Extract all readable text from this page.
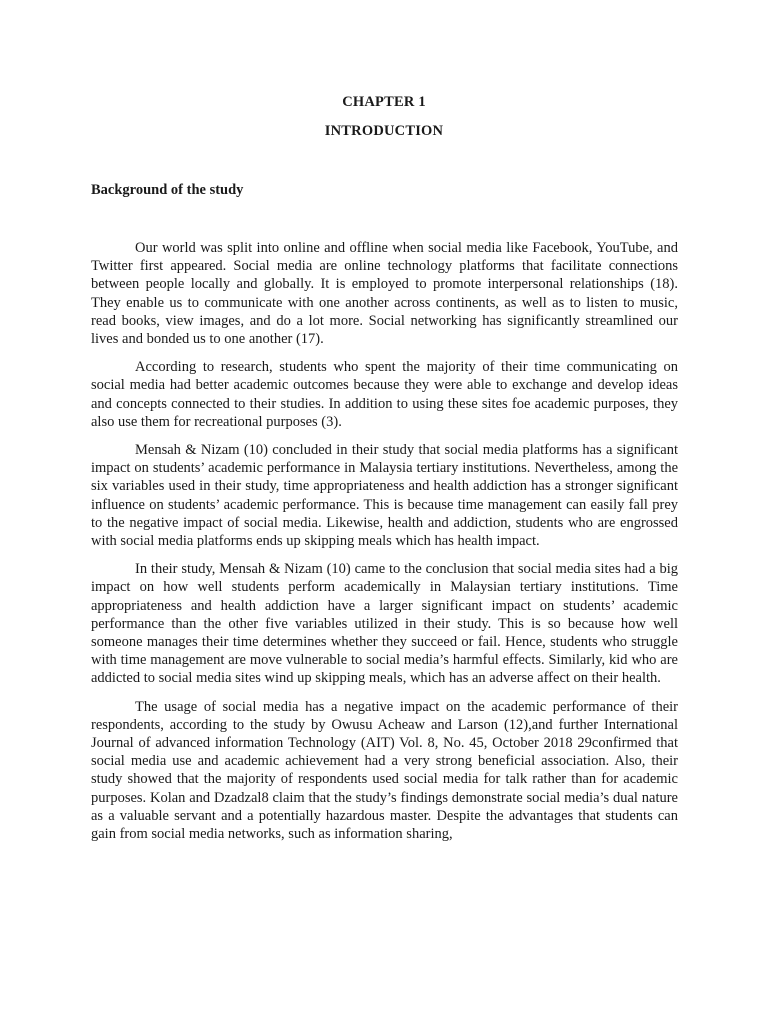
CHAPTER 1
INTRODUCTION
Background of the study

Our world was split into online and offline when social media like Facebook, YouTube, and Twitter first appeared. Social media are online technology platforms that facilitate connections between people locally and globally. It is employed to promote interpersonal relationships (18). They enable us to communicate with one another across continents, as well as to listen to music, read books, view images, and do a lot more. Social networking has significantly streamlined our lives and bonded us to one another (17).

According to research, students who spent the majority of their time communicating on social media had better academic outcomes because they were able to exchange and develop ideas and concepts connected to their studies. In addition to using these sites foe academic purposes, they also use them for recreational purposes (3).

Mensah & Nizam (10) concluded in their study that social media platforms has a significant impact on students’ academic performance in Malaysia tertiary institutions. Nevertheless, among the six variables used in their study, time appropriateness and health addiction has a stronger significant influence on students’ academic performance. This is because time management can easily fall prey to the negative impact of social media. Likewise, health and addiction, students who are engrossed with social media platforms ends up skipping meals which has health impact.

In their study, Mensah & Nizam (10) came to the conclusion that social media sites had a big impact on how well students perform academically in Malaysian tertiary institutions. Time appropriateness and health addiction have a larger significant impact on students’ academic performance than the other five variables utilized in their study. This is so because how well someone manages their time determines whether they succeed or fail. Hence, students who struggle with time management are move vulnerable to social media’s harmful effects. Similarly, kid who are addicted to social media sites wind up skipping meals, which has an adverse affect on their health.

The usage of social media has a negative impact on the academic performance of their respondents, according to the study by Owusu Acheaw and Larson (12),and further International Journal of advanced information Technology (AIT) Vol. 8, No. 45, October 2018 29confirmed that social media use and academic achievement had a very strong beneficial association. Also, their study showed that the majority of respondents used social media for talk rather than for academic purposes. Kolan and Dzadzal8 claim that the study’s findings demonstrate social media’s dual nature as a valuable servant and a potentially hazardous master. Despite the advantages that students can gain from social media networks, such as information sharing,
